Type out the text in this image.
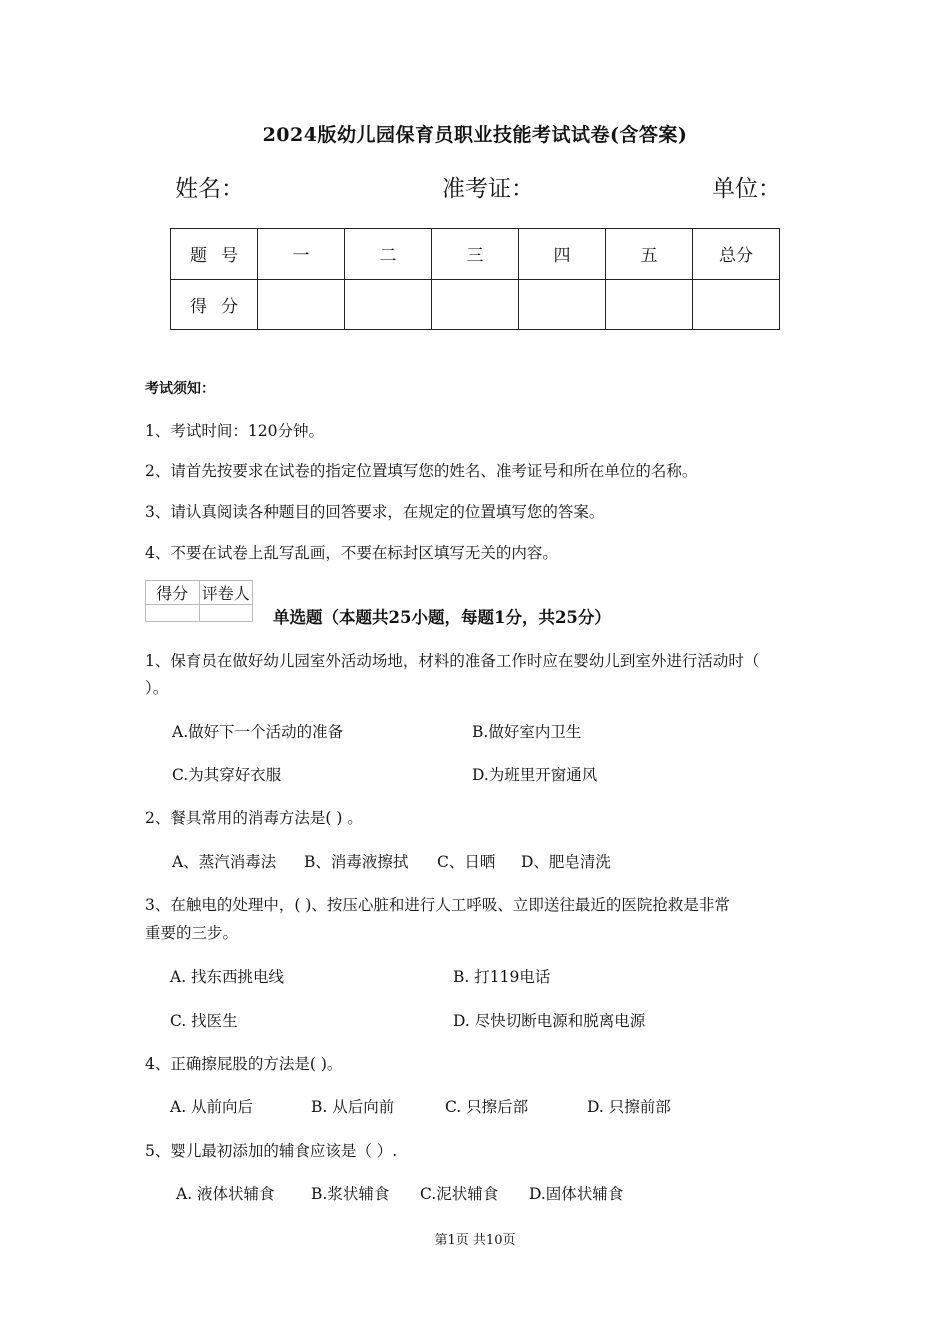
2024版幼儿园保育员职业技能考试试卷(含答案)
姓名：	准考证：	单位：
题号	一	二	三	四	五	总分
得分						
考试须知：
1、考试时间：120分钟。
2、请首先按要求在试卷的指定位置填写您的姓名、准考证号和所在单位的名称。
3、请认真阅读各种题目的回答要求，在规定的位置填写您的答案。
4、不要在试卷上乱写乱画，不要在标封区填写无关的内容。
得分	评卷人

单选题（本题共25小题，每题1分，共25分）
1、保育员在做好幼儿园室外活动场地，材料的准备工作时应在婴幼儿到室外进行活动时（
）。
A.做好下一个活动的准备	B.做好室内卫生
C.为其穿好衣服	D.为班里开窗通风
2、餐具常用的消毒方法是( ) 。
A、蒸汽消毒法 B、消毒液擦拭 C、日晒 D、肥皂清洗
3、在触电的处理中，( )、按压心脏和进行人工呼吸、立即送往最近的医院抢救是非常
重要的三步。
A. 找东西挑电线	B. 打119电话
C. 找医生	D. 尽快切断电源和脱离电源
4、正确擦屁股的方法是( )。
A. 从前向后	B. 从后向前	C. 只擦后部	D. 只擦前部
5、婴儿最初添加的辅食应该是（ ）.
A. 液体状辅食 B.浆状辅食 C.泥状辅食 D.固体状辅食
第1页 共10页
